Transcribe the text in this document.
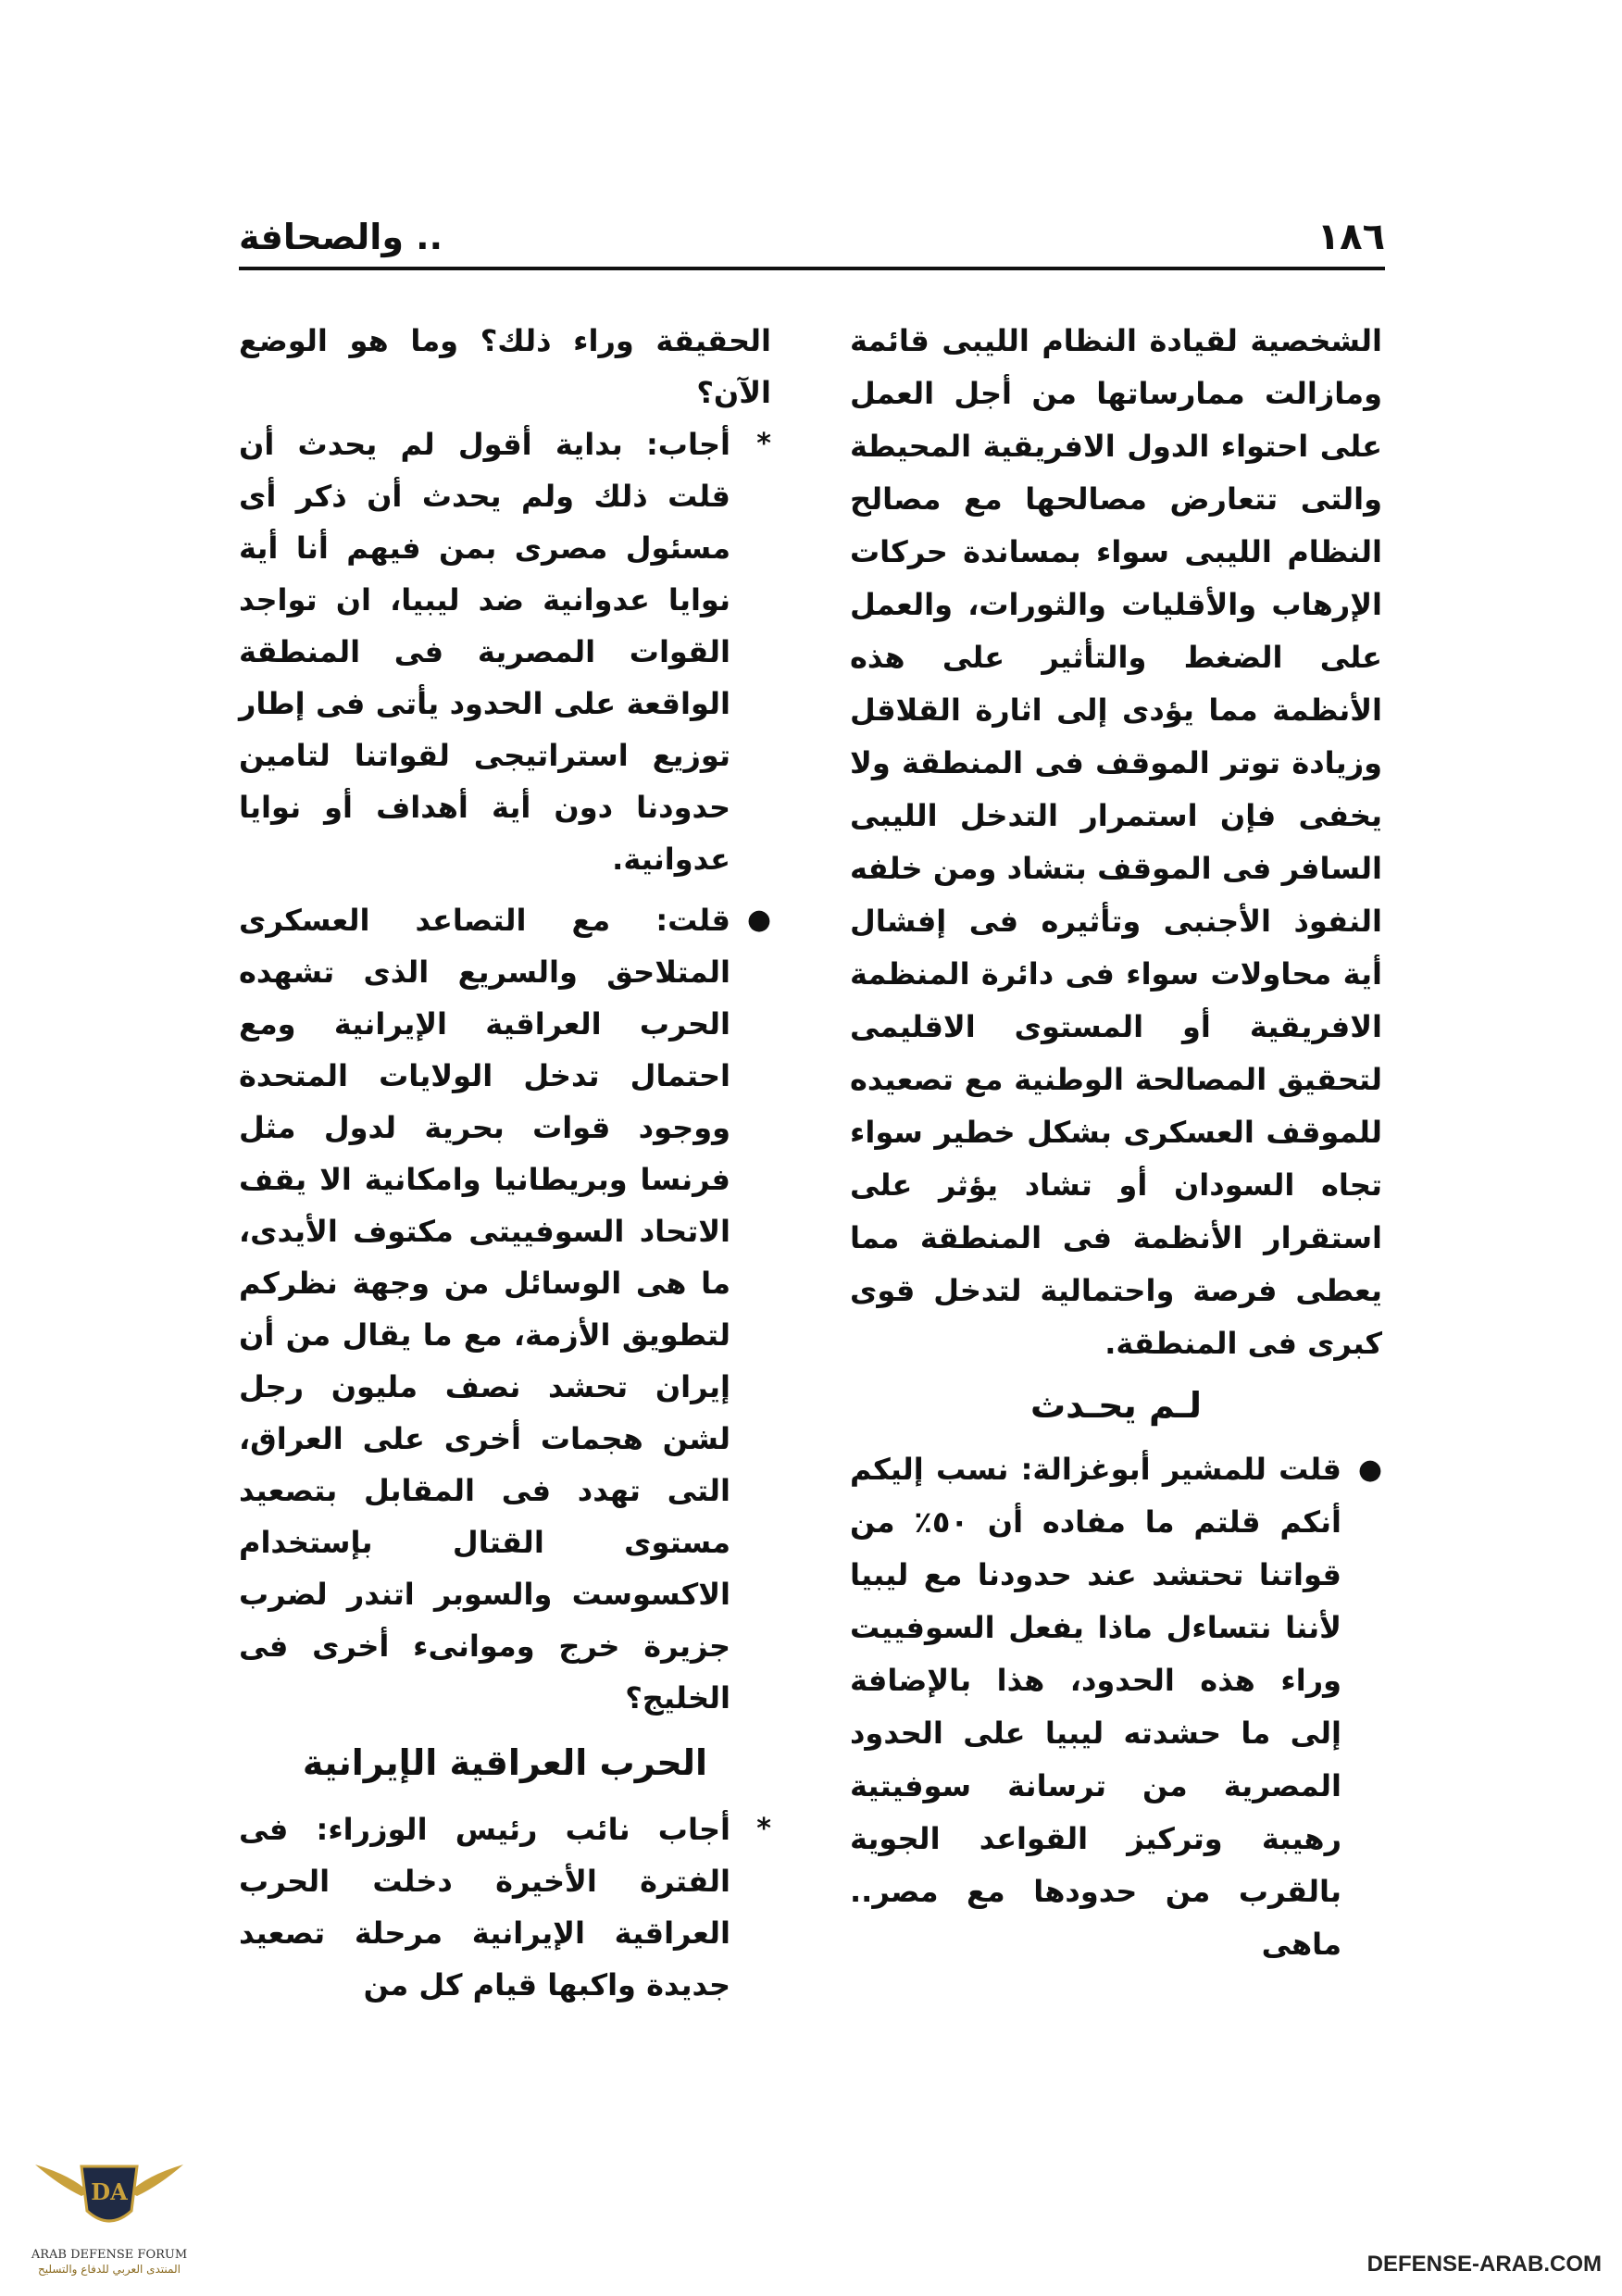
١٨٦
.. والصحافة

الشخصية لقيادة النظام الليبى قائمة ومازالت ممارساتها من أجل العمل على احتواء الدول الافريقية المحيطة والتى تتعارض مصالحها مع مصالح النظام الليبى سواء بمساندة حركات الإرهاب والأقليات والثورات، والعمل على الضغط والتأثير على هذه الأنظمة مما يؤدى إلى اثارة القلاقل وزيادة توتر الموقف فى المنطقة ولا يخفى فإن استمرار التدخل الليبى السافر فى الموقف بتشاد ومن خلفه النفوذ الأجنبى وتأثيره فى إفشال أية محاولات سواء فى دائرة المنظمة الافريقية أو المستوى الاقليمى لتحقيق المصالحة الوطنية مع تصعيده للموقف العسكرى بشكل خطير سواء تجاه السودان أو تشاد يؤثر على استقرار الأنظمة فى المنطقة مما يعطى فرصة واحتمالية لتدخل قوى كبرى فى المنطقة.

لـم يحـدث

●
قلت للمشير أبوغزالة: نسب إليكم أنكم قلتم ما مفاده أن ٥٠٪ من قواتنا تحتشد عند حدودنا مع ليبيا لأننا نتساءل ماذا يفعل السوفييت وراء هذه الحدود، هذا بالإضافة إلى ما حشدته ليبيا على الحدود المصرية من ترسانة سوفيتية رهيبة وتركيز القواعد الجوية بالقرب من حدودها مع مصر.. ماهى

الحقيقة وراء ذلك؟ وما هو الوضع الآن؟

*
أجاب: بداية أقول لم يحدث أن قلت ذلك ولم يحدث أن ذكر أى مسئول مصرى بمن فيهم أنا أية نوايا عدوانية ضد ليبيا، ان تواجد القوات المصرية فى المنطقة الواقعة على الحدود يأتى فى إطار توزيع استراتيجى لقواتنا لتامين حدودنا دون أية أهداف أو نوايا عدوانية.

●
قلت: مع التصاعد العسكرى المتلاحق والسريع الذى تشهده الحرب العراقية الإيرانية ومع احتمال تدخل الولايات المتحدة ووجود قوات بحرية لدول مثل فرنسا وبريطانيا وامكانية الا يقف الاتحاد السوفييتى مكتوف الأيدى، ما هى الوسائل من وجهة نظركم لتطويق الأزمة، مع ما يقال من أن إيران تحشد نصف مليون رجل لشن هجمات أخرى على العراق، التى تهدد فى المقابل بتصعيد مستوى القتال بإستخدام الاكسوست والسوبر اتندر لضرب جزيرة خرج وموانىء أخرى فى الخليج؟

الحرب العراقية الإيرانية

*
أجاب نائب رئيس الوزراء: فى الفترة الأخيرة دخلت الحرب العراقية الإيرانية مرحلة تصعيد جديدة واكبها قيام كل من

DA
ARAB DEFENSE FORUM
المنتدى العربي للدفاع والتسليح	DEFENSE-ARAB.COM
